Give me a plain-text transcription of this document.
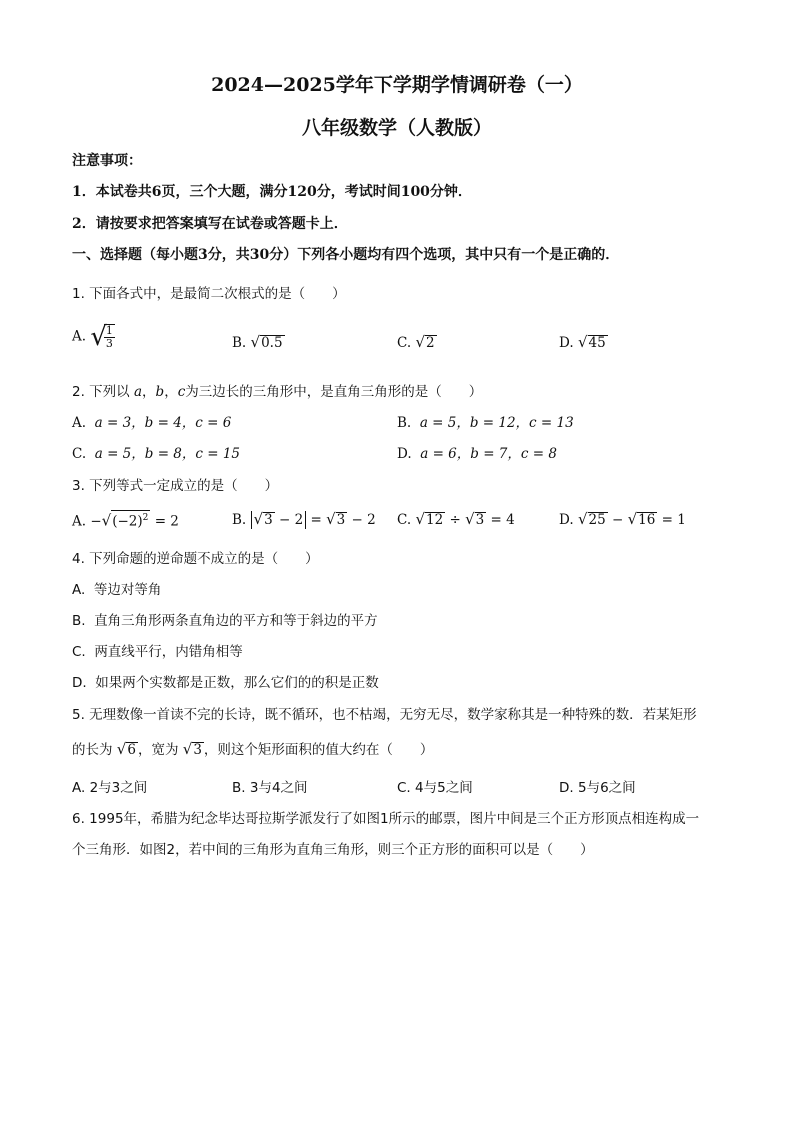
2024—2025学年下学期学情调研卷（一）
八年级数学（人教版）
注意事项：
1．本试卷共6页，三个大题，满分120分，考试时间100分钟．
2．请按要求把答案填写在试卷或答题卡上．
一、选择题（每小题3分，共30分）下列各小题均有四个选项，其中只有一个是正确的．
1. 下面各式中，是最简二次根式的是（　　）
A. √
$\frac{1}{3}$	B. √0.5	C. √2	D. √45
2. 下列以 a，b，c为三边长的三角形中，是直角三角形的是（　　）
A. a = 3，b = 4，c = 6	B. a = 5，b = 12，c = 13
C. a = 5，b = 8，c = 15	D. a = 6，b = 7，c = 8
3. 下列等式一定成立的是（　　）
A. $-√(-2)^2 = 2$	B. √3 − 2 = √3 − 2 C. √12 ÷ √3 = 4	D. √25 − √16 = 1
4. 下列命题的逆命题不成立的是（　　）
A. 等边对等角
B. 直角三角形两条直角边的平方和等于斜边的平方
C. 两直线平行，内错角相等
D. 如果两个实数都是正数，那么它们的的积是正数
5. 无理数像一首读不完的长诗，既不循环，也不枯竭，无穷无尽，数学家称其是一种特殊的数．若某矩形
的长为 √6 ，宽为 √3 ，则这个矩形面积的值大约在（　　）
A. 2与3之间	B. 3与4之间	C. 4与5之间	D. 5与6之间
6. 1995年，希腊为纪念毕达哥拉斯学派发行了如图1所示的邮票，图片中间是三个正方形顶点相连构成一
个三角形．如图2，若中间的三角形为直角三角形，则三个正方形的面积可以是（　　）
